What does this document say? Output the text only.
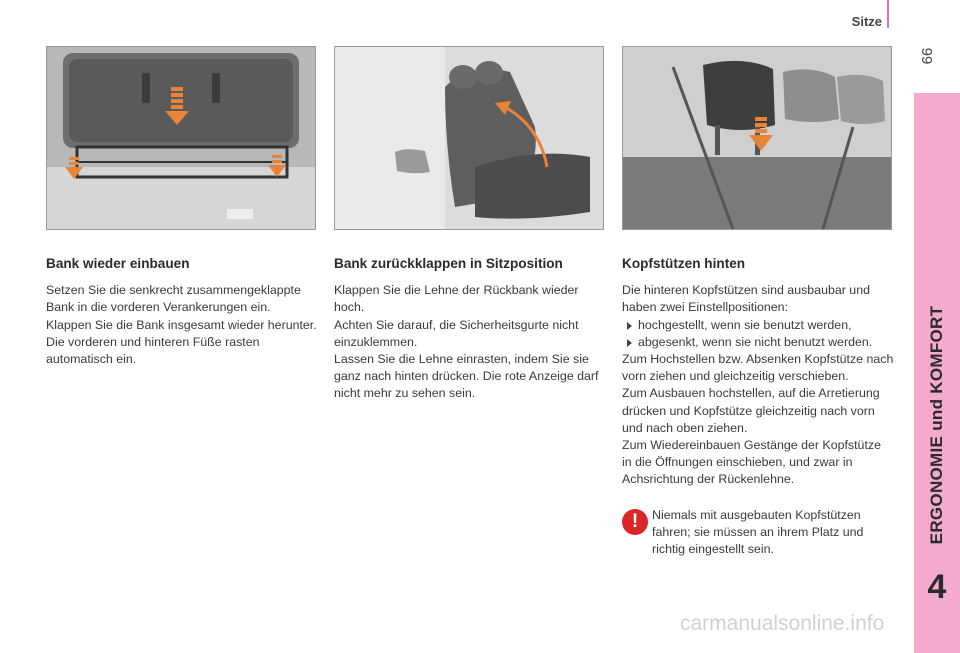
Sitze
99
ERGONOMIE und KOMFORT
4
Bank wieder einbauen

Setzen Sie die senkrecht zusammengeklappte Bank in die vorderen Verankerungen ein.

Klappen Sie die Bank insgesamt wieder herunter. Die vorderen und hinteren Füße rasten automatisch ein.

Bank zurückklappen in Sitzposition

Klappen Sie die Lehne der Rückbank wieder hoch.

Achten Sie darauf, die Sicherheitsgurte nicht einzuklemmen.

Lassen Sie die Lehne einrasten, indem Sie sie ganz nach hinten drücken. Die rote Anzeige darf nicht mehr zu sehen sein.

Kopfstützen hinten

Die hinteren Kopfstützen sind ausbaubar und haben zwei Einstellpositionen:

hochgestellt, wenn sie benutzt werden,

abgesenkt, wenn sie nicht benutzt werden.

Zum Hochstellen bzw. Absenken Kopfstütze nach vorn ziehen und gleichzeitig verschieben.

Zum Ausbauen hochstellen, auf die Arretierung drücken und Kopfstütze gleichzeitig nach vorn und nach oben ziehen.

Zum Wiedereinbauen Gestänge der Kopfstütze in die Öffnungen einschieben, und zwar in Achsrichtung der Rückenlehne.

!	Niemals mit ausgebauten Kopfstützen fahren; sie müssen an ihrem Platz und richtig eingestellt sein.
carmanualsonline.info
